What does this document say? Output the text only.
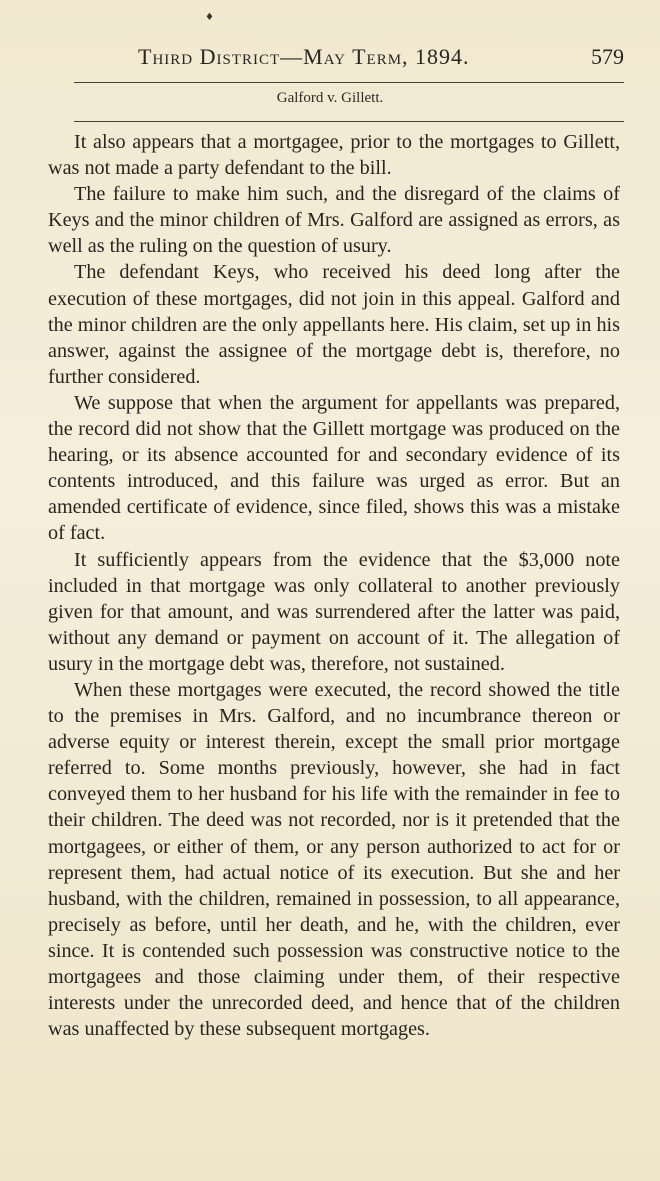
♦
Third District—May Term, 1894.	579
Galford v. Gillett.

It also appears that a mortgagee, prior to the mortgages to Gillett, was not made a party defendant to the bill.

The failure to make him such, and the disregard of the claims of Keys and the minor children of Mrs. Galford are assigned as errors, as well as the ruling on the question of usury.

The defendant Keys, who received his deed long after the execution of these mortgages, did not join in this appeal. Galford and the minor children are the only appellants here. His claim, set up in his answer, against the assignee of the mortgage debt is, therefore, no further considered.

We suppose that when the argument for appellants was prepared, the record did not show that the Gillett mortgage was produced on the hearing, or its absence accounted for and secondary evidence of its contents introduced, and this failure was urged as error. But an amended certificate of evidence, since filed, shows this was a mistake of fact.

It sufficiently appears from the evidence that the $3,000 note included in that mortgage was only collateral to another previously given for that amount, and was surrendered after the latter was paid, without any demand or payment on account of it. The allegation of usury in the mortgage debt was, therefore, not sustained.

When these mortgages were executed, the record showed the title to the premises in Mrs. Galford, and no incumbrance thereon or adverse equity or interest therein, except the small prior mortgage referred to. Some months previously, however, she had in fact conveyed them to her husband for his life with the remainder in fee to their children. The deed was not recorded, nor is it pretended that the mortgagees, or either of them, or any person authorized to act for or represent them, had actual notice of its execution. But she and her husband, with the children, remained in possession, to all appearance, precisely as before, until her death, and he, with the children, ever since. It is contended such possession was constructive notice to the mortgagees and those claiming under them, of their respective interests under the unrecorded deed, and hence that of the children was unaffected by these subsequent mortgages.
